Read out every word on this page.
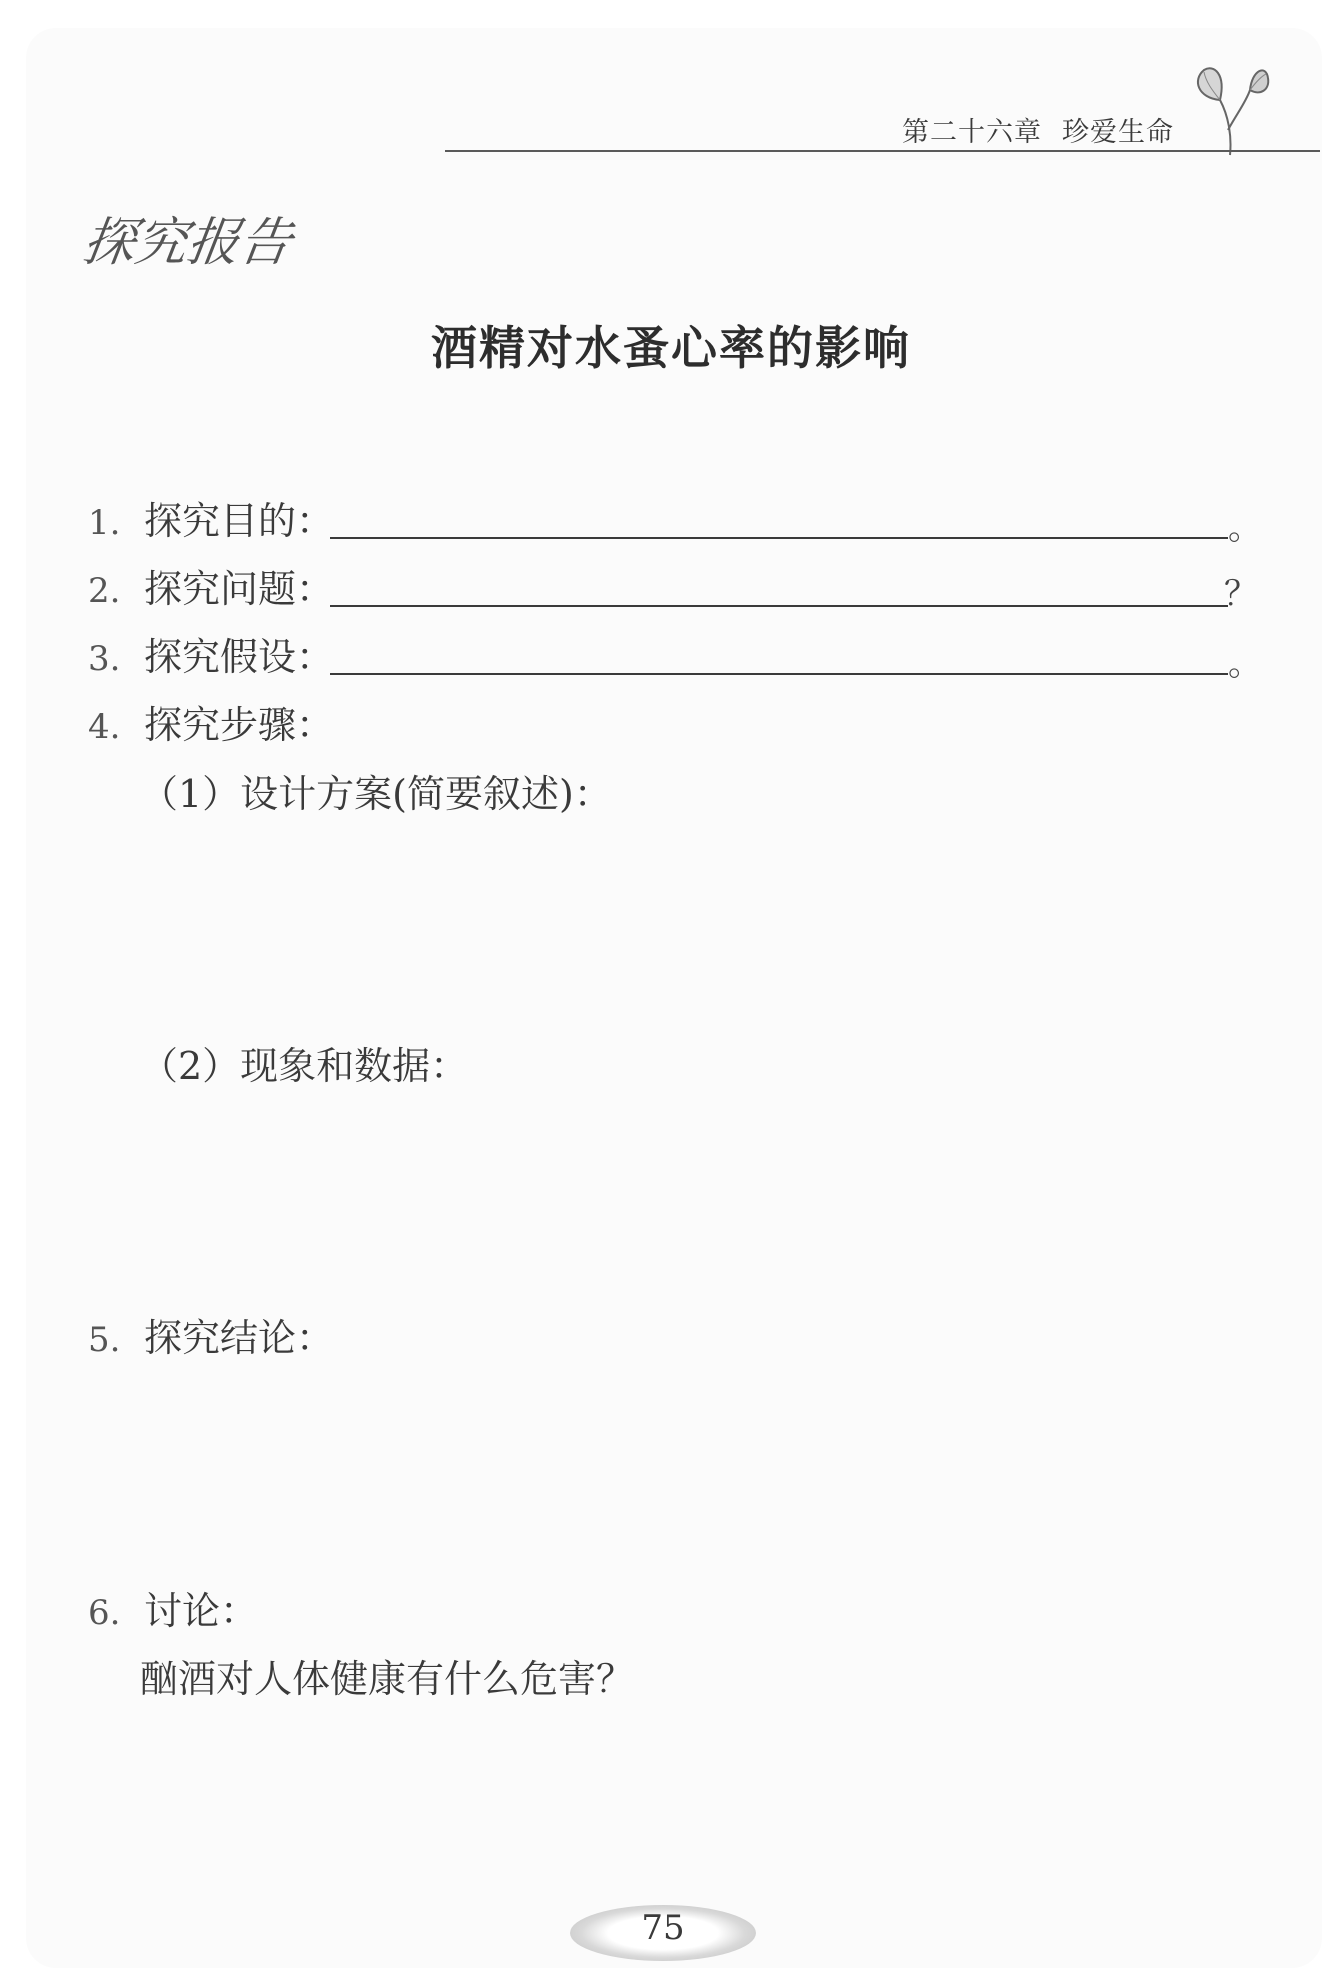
第二十六章 珍爱生命
探究报告
酒精对水蚤心率的影响
1. 探究目的：	。
2. 探究问题：	？
3. 探究假设：	。
4. 探究步骤：
（1）设计方案(简要叙述)：
（2）现象和数据：
5. 探究结论：
6. 讨论：
酗酒对人体健康有什么危害？
75
